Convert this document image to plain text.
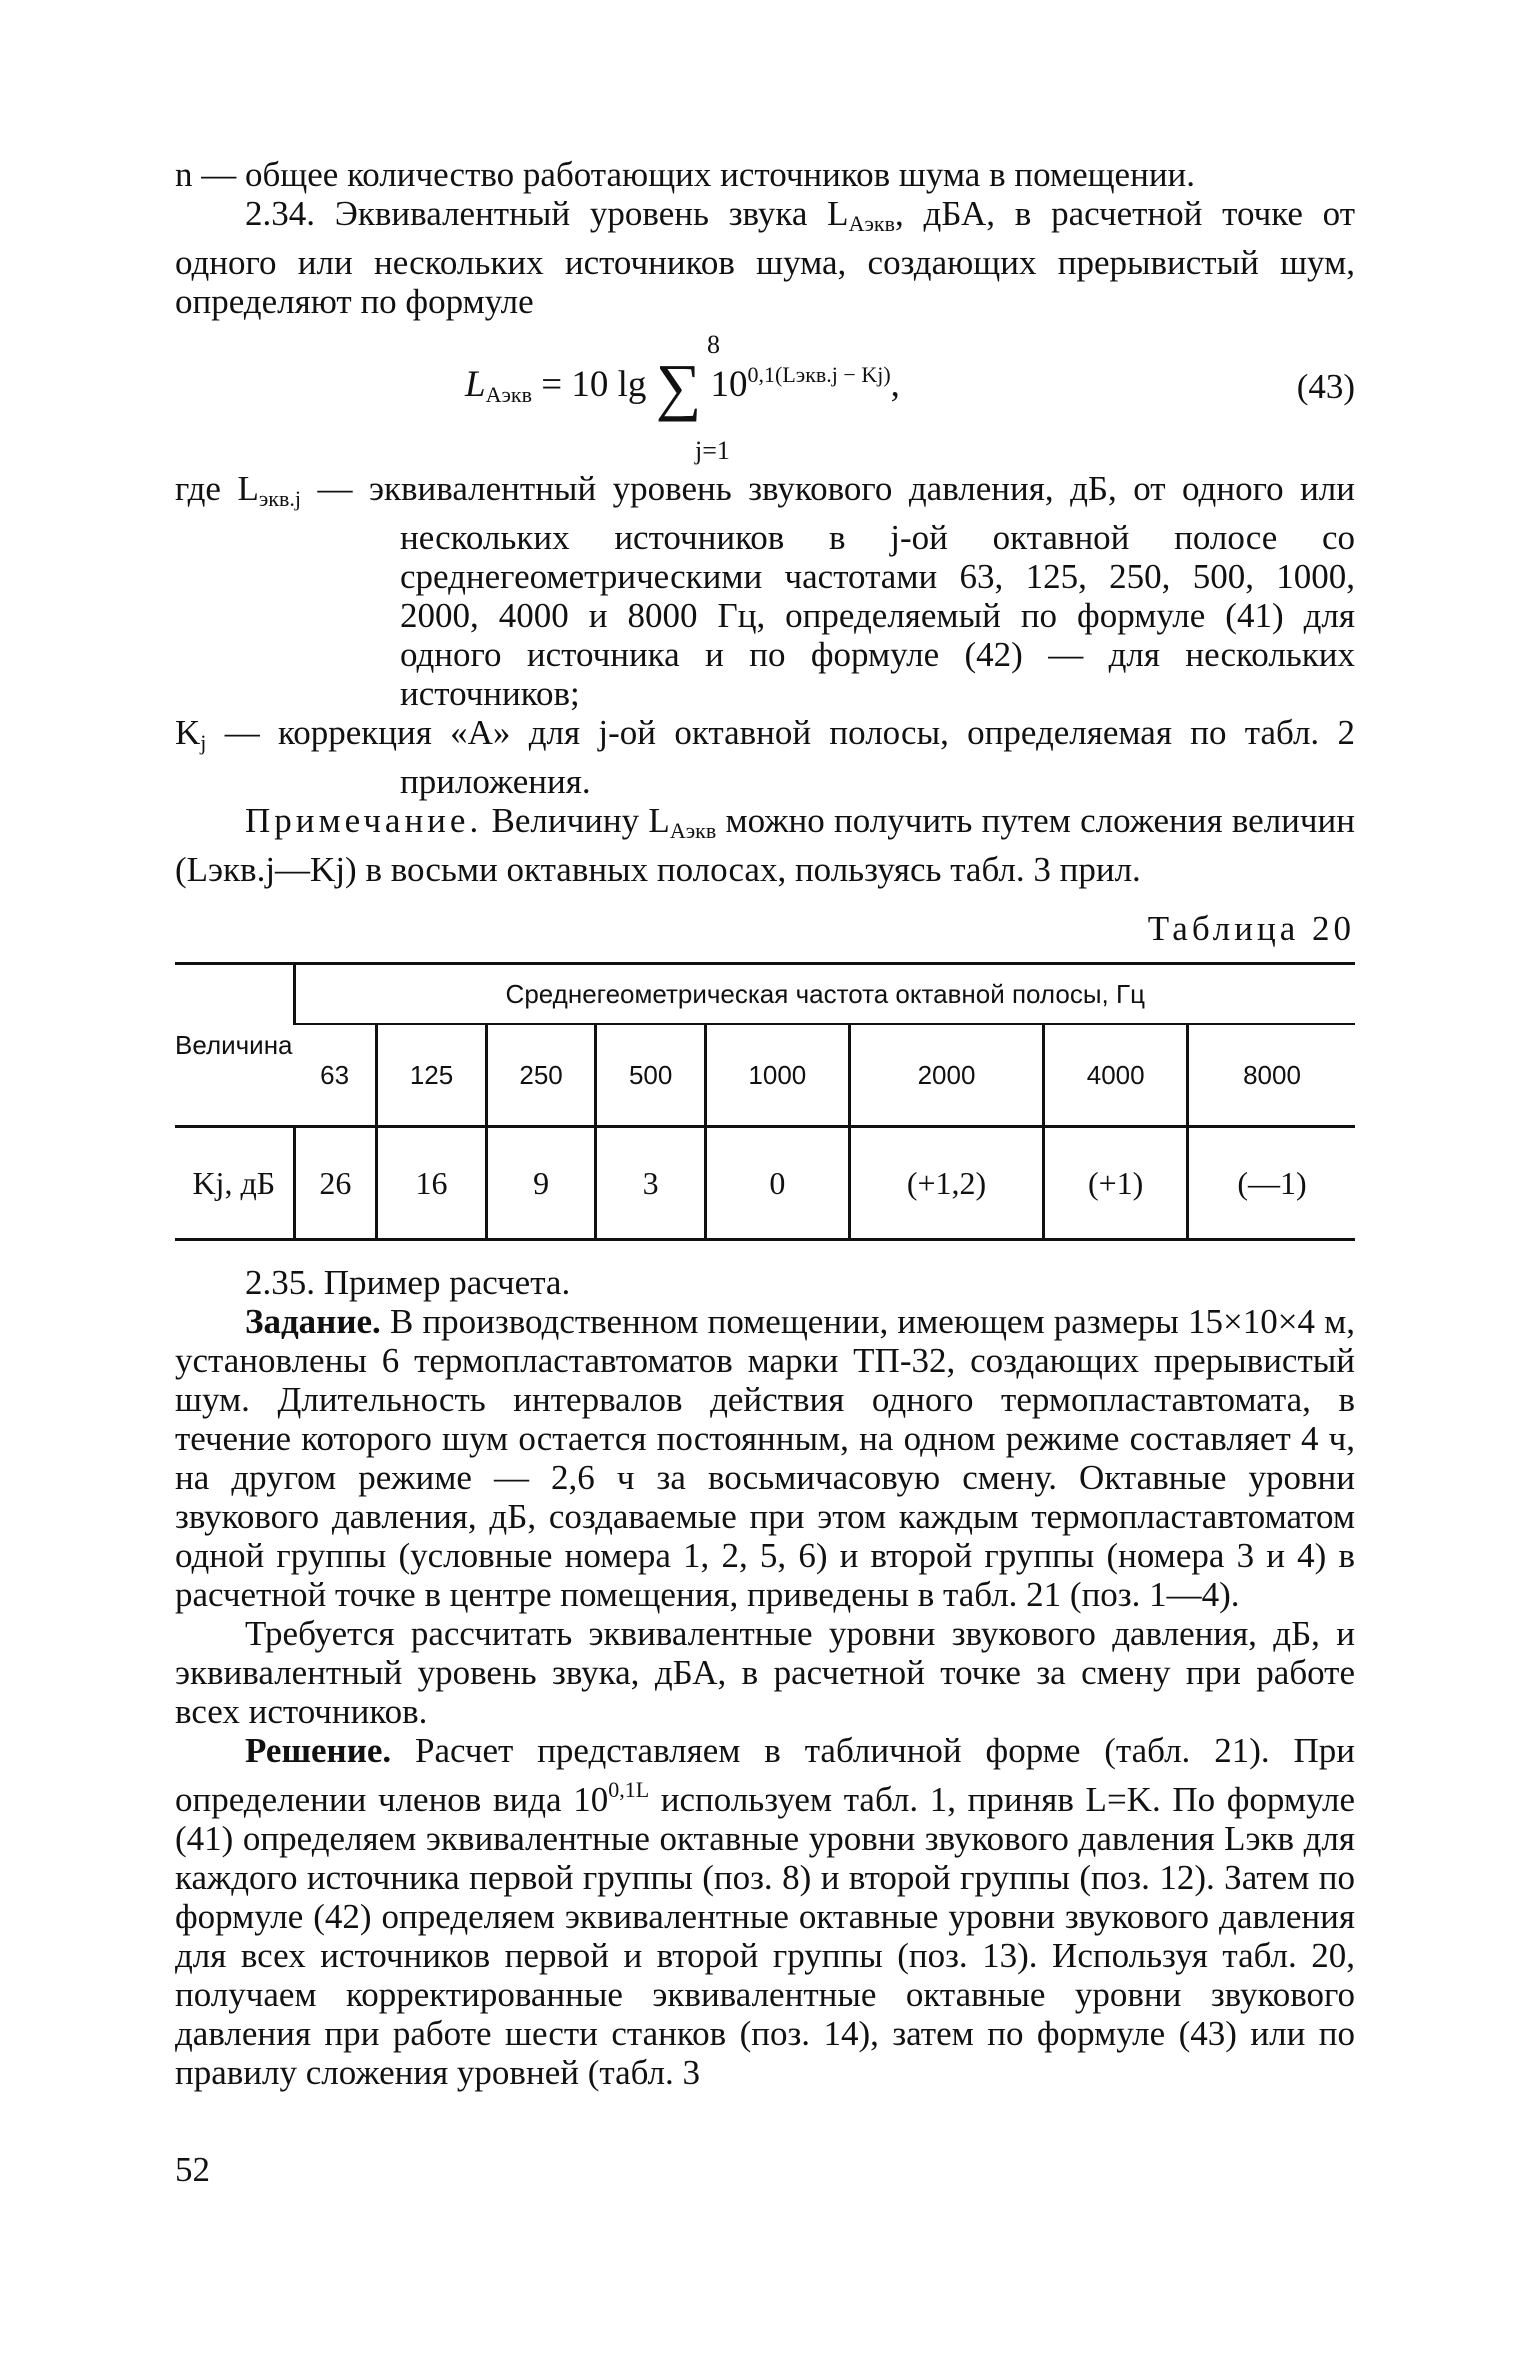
n — общее количество работающих источников шума в помещении.

2.34. Эквивалентный уровень звука $L_{Aэкв}$, дБА, в расчетной точке от одного или нескольких источников шума, создающих прерывистый шум, определяют по формуле

8
$L_{Aэкв} = 10$ lg ∑ $10^{0,1(Lэкв.j - Kj)}$,
j=1
(43)

где $L_{экв.j}$ — эквивалентный уровень звукового давления, дБ, от одного или нескольких источников в j-ой октавной полосе со среднегеометрическими частотами 63, 125, 250, 500, 1000, 2000, 4000 и 8000 Гц, определяемый по формуле (41) для одного источника и по формуле (42) — для нескольких источников;

$K_j$ — коррекция «А» для j-ой октавной полосы, определяемая по табл. 2 приложения.

Примечание. Величину $L_{Aэкв}$ можно получить путем сложения величин (Lэкв.j—Kj) в восьми октавных полосах, пользуясь табл. 3 прил.

Таблица 20

Величина	Среднегеометрическая частота октавной полосы, Гц							
	63	125	250	500	1000	2000	4000	8000
Kj, дБ	26	16	9	3	0	(+1,2)	(+1)	(—1)

2.35. Пример расчета.

Задание. В производственном помещении, имеющем размеры 15×10×4 м, установлены 6 термопластавтоматов марки ТП-32, создающих прерывистый шум. Длительность интервалов действия одного термопластавтомата, в течение которого шум остается постоянным, на одном режиме составляет 4 ч, на другом режиме — 2,6 ч за восьмичасовую смену. Октавные уровни звукового давления, дБ, создаваемые при этом каждым термопластавтоматом одной группы (условные номера 1, 2, 5, 6) и второй группы (номера 3 и 4) в расчетной точке в центре помещения, приведены в табл. 21 (поз. 1—4).

Требуется рассчитать эквивалентные уровни звукового давления, дБ, и эквивалентный уровень звука, дБА, в расчетной точке за смену при работе всех источников.

Решение. Расчет представляем в табличной форме (табл. 21). При определении членов вида $10^{0,1L}$ используем табл. 1, приняв L=K. По формуле (41) определяем эквивалентные октавные уровни звукового давления Lэкв для каждого источника первой группы (поз. 8) и второй группы (поз. 12). Затем по формуле (42) определяем эквивалентные октавные уровни звукового давления для всех источников первой и второй группы (поз. 13). Используя табл. 20, получаем корректированные эквивалентные октавные уровни звукового давления при работе шести станков (поз. 14), затем по формуле (43) или по правилу сложения уровней (табл. 3

52
